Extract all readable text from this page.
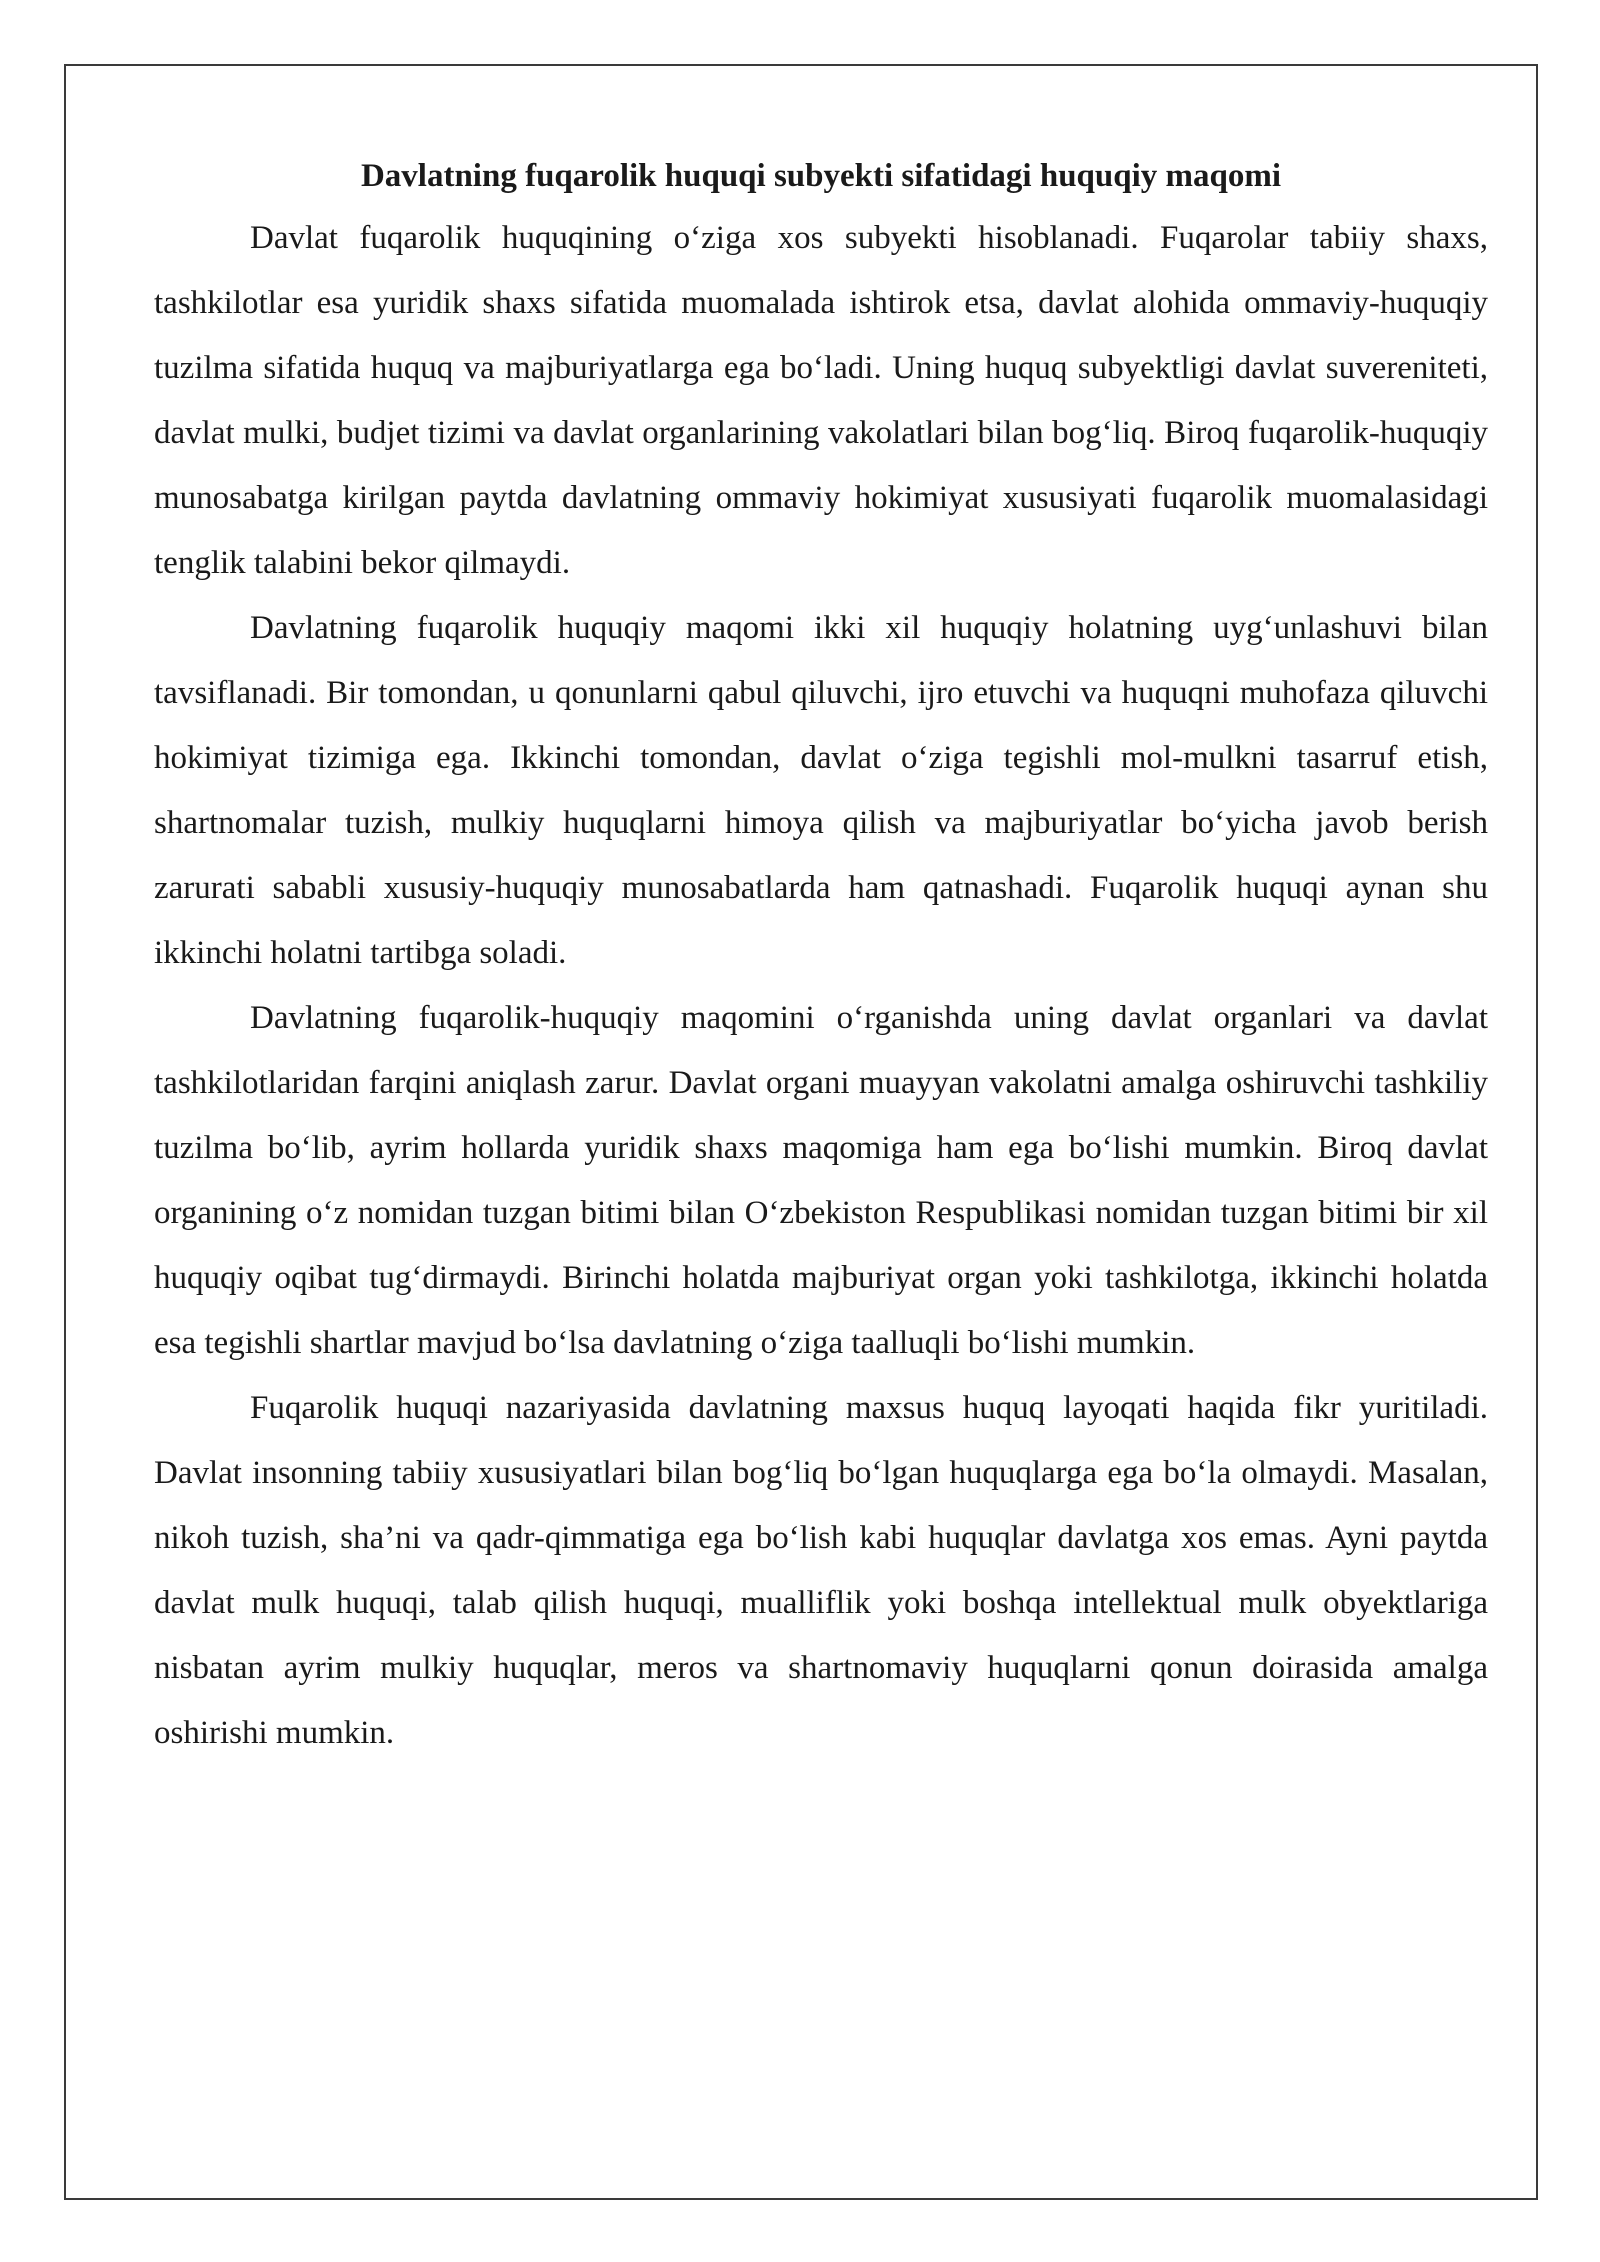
Davlatning fuqarolik huquqi subyekti sifatidagi huquqiy maqomi

Davlat fuqarolik huquqining o‘ziga xos subyekti hisoblanadi. Fuqarolar tabiiy shaxs, tashkilotlar esa yuridik shaxs sifatida muomalada ishtirok etsa, davlat alohida ommaviy-huquqiy tuzilma sifatida huquq va majburiyatlarga ega bo‘ladi. Uning huquq subyektligi davlat suvereniteti, davlat mulki, budjet tizimi va davlat organlarining vakolatlari bilan bog‘liq. Biroq fuqarolik-huquqiy munosabatga kirilgan paytda davlatning ommaviy hokimiyat xususiyati fuqarolik muomalasidagi tenglik talabini bekor qilmaydi.

Davlatning fuqarolik huquqiy maqomi ikki xil huquqiy holatning uyg‘unlashuvi bilan tavsiflanadi. Bir tomondan, u qonunlarni qabul qiluvchi, ijro etuvchi va huquqni muhofaza qiluvchi hokimiyat tizimiga ega. Ikkinchi tomondan, davlat o‘ziga tegishli mol-mulkni tasarruf etish, shartnomalar tuzish, mulkiy huquqlarni himoya qilish va majburiyatlar bo‘yicha javob berish zarurati sababli xususiy-huquqiy munosabatlarda ham qatnashadi. Fuqarolik huquqi aynan shu ikkinchi holatni tartibga soladi.

Davlatning fuqarolik-huquqiy maqomini o‘rganishda uning davlat organlari va davlat tashkilotlaridan farqini aniqlash zarur. Davlat organi muayyan vakolatni amalga oshiruvchi tashkiliy tuzilma bo‘lib, ayrim hollarda yuridik shaxs maqomiga ham ega bo‘lishi mumkin. Biroq davlat organining o‘z nomidan tuzgan bitimi bilan O‘zbekiston Respublikasi nomidan tuzgan bitimi bir xil huquqiy oqibat tug‘dirmaydi. Birinchi holatda majburiyat organ yoki tashkilotga, ikkinchi holatda esa tegishli shartlar mavjud bo‘lsa davlatning o‘ziga taalluqli bo‘lishi mumkin.

Fuqarolik huquqi nazariyasida davlatning maxsus huquq layoqati haqida fikr yuritiladi. Davlat insonning tabiiy xususiyatlari bilan bog‘liq bo‘lgan huquqlarga ega bo‘la olmaydi. Masalan, nikoh tuzish, sha’ni va qadr-qimmatiga ega bo‘lish kabi huquqlar davlatga xos emas. Ayni paytda davlat mulk huquqi, talab qilish huquqi, mualliflik yoki boshqa intellektual mulk obyektlariga nisbatan ayrim mulkiy huquqlar, meros va shartnomaviy huquqlarni qonun doirasida amalga oshirishi mumkin.
